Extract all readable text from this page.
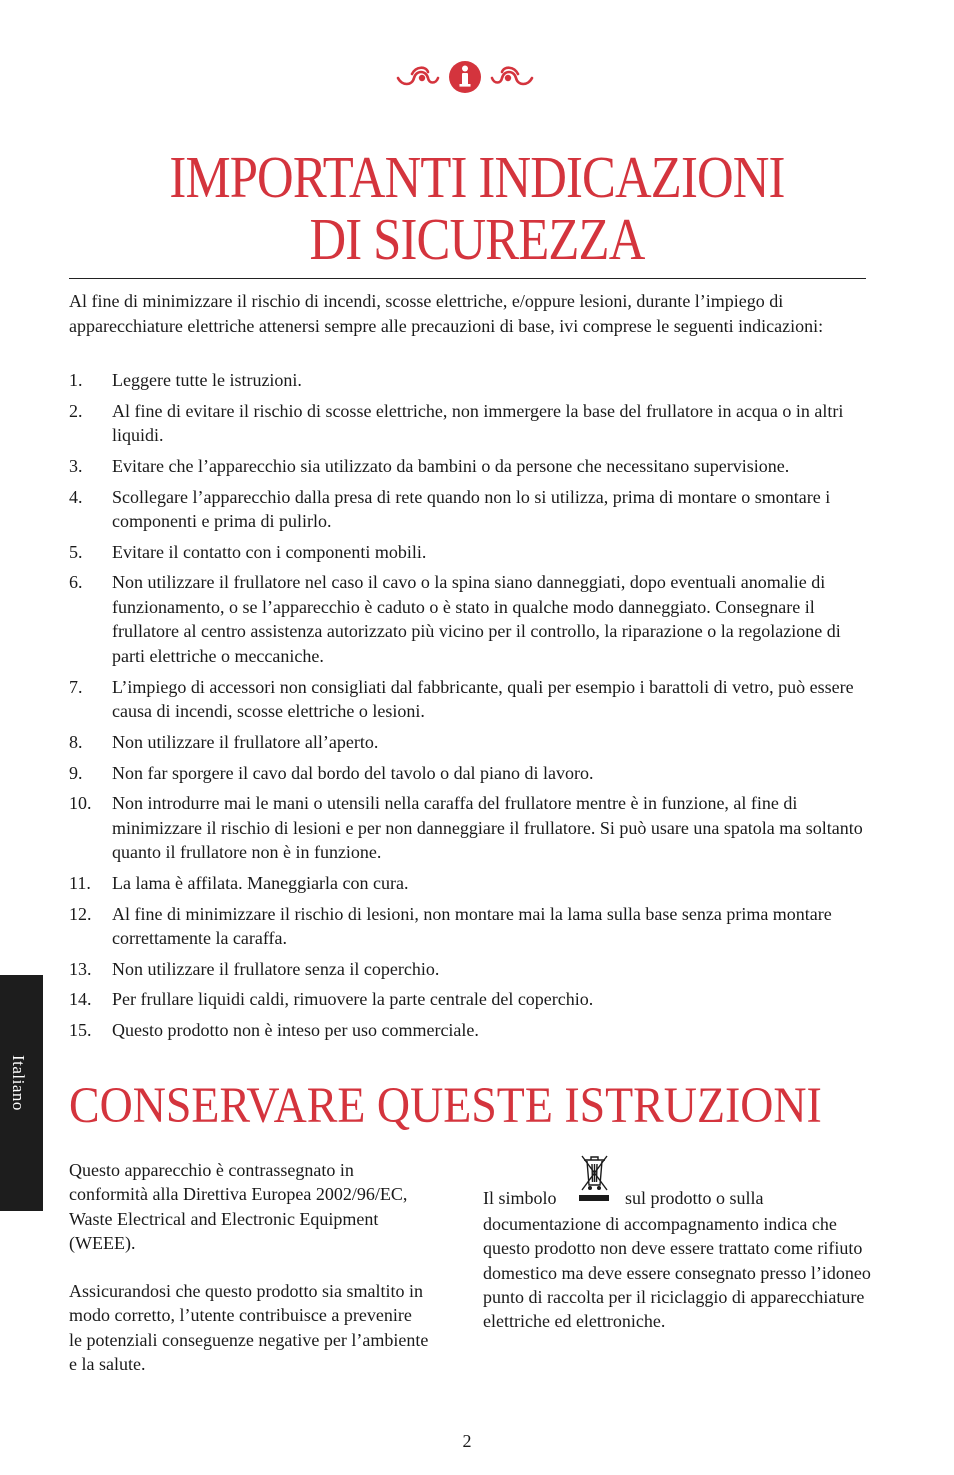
IMPORTANTI INDICAZIONI
DI SICUREZZA
Al fine di minimizzare il rischio di incendi, scosse elettriche, e/oppure lesioni, durante l’impiego di apparecchiature elettriche attenersi sempre alle precauzioni di base, ivi comprese le seguenti indicazioni:
1. Leggere tutte le istruzioni.
2. Al fine di evitare il rischio di scosse elettriche, non immergere la base del frullatore in acqua o in altri liquidi.
3. Evitare che l’apparecchio sia utilizzato da bambini o da persone che necessitano supervisione.
4. Scollegare l’apparecchio dalla presa di rete quando non lo si utilizza, prima di montare o smontare i componenti e prima di pulirlo.
5. Evitare il contatto con i componenti mobili.
6. Non utilizzare il frullatore nel caso il cavo o la spina siano danneggiati, dopo eventuali anomalie di funzionamento, o se l’apparecchio è caduto o è stato in qualche modo danneggiato. Consegnare il frullatore al centro assistenza autorizzato più vicino per il controllo, la riparazione o la regolazione di parti elettriche o meccaniche.
7. L’impiego di accessori non consigliati dal fabbricante, quali per esempio i barattoli di vetro, può essere causa di incendi, scosse elettriche o lesioni.
8. Non utilizzare il frullatore all’aperto.
9. Non far sporgere il cavo dal bordo del tavolo o dal piano di lavoro.
10. Non introdurre mai le mani o utensili nella caraffa del frullatore mentre è in funzione, al fine di minimizzare il rischio di lesioni e per non danneggiare il frullatore. Si può usare una spatola ma soltanto quanto il frullatore non è in funzione.
11. La lama è affilata. Maneggiarla con cura.
12. Al fine di minimizzare il rischio di lesioni, non montare mai la lama sulla base senza prima montare correttamente la caraffa.
13. Non utilizzare il frullatore senza il coperchio.
14. Per frullare liquidi caldi, rimuovere la parte centrale del coperchio.
15. Questo prodotto non è inteso per uso commerciale.
CONSERVARE QUESTE ISTRUZIONI
Italiano

Questo apparecchio è contrassegnato in conformità alla Direttiva Europea 2002/96/EC, Waste Electrical and Electronic Equipment (WEEE).

Assicurandosi che questo prodotto sia smaltito in modo corretto, l’utente contribuisce a prevenire le potenziali conseguenze negative per l’ambiente e la salute.

Il simbolo	sul prodotto o sulla
documentazione di accompagnamento indica che questo prodotto non deve essere trattato come rifiuto domestico ma deve essere consegnato presso l’idoneo punto di raccolta per il riciclaggio di apparecchiature elettriche ed elettroniche.
2
